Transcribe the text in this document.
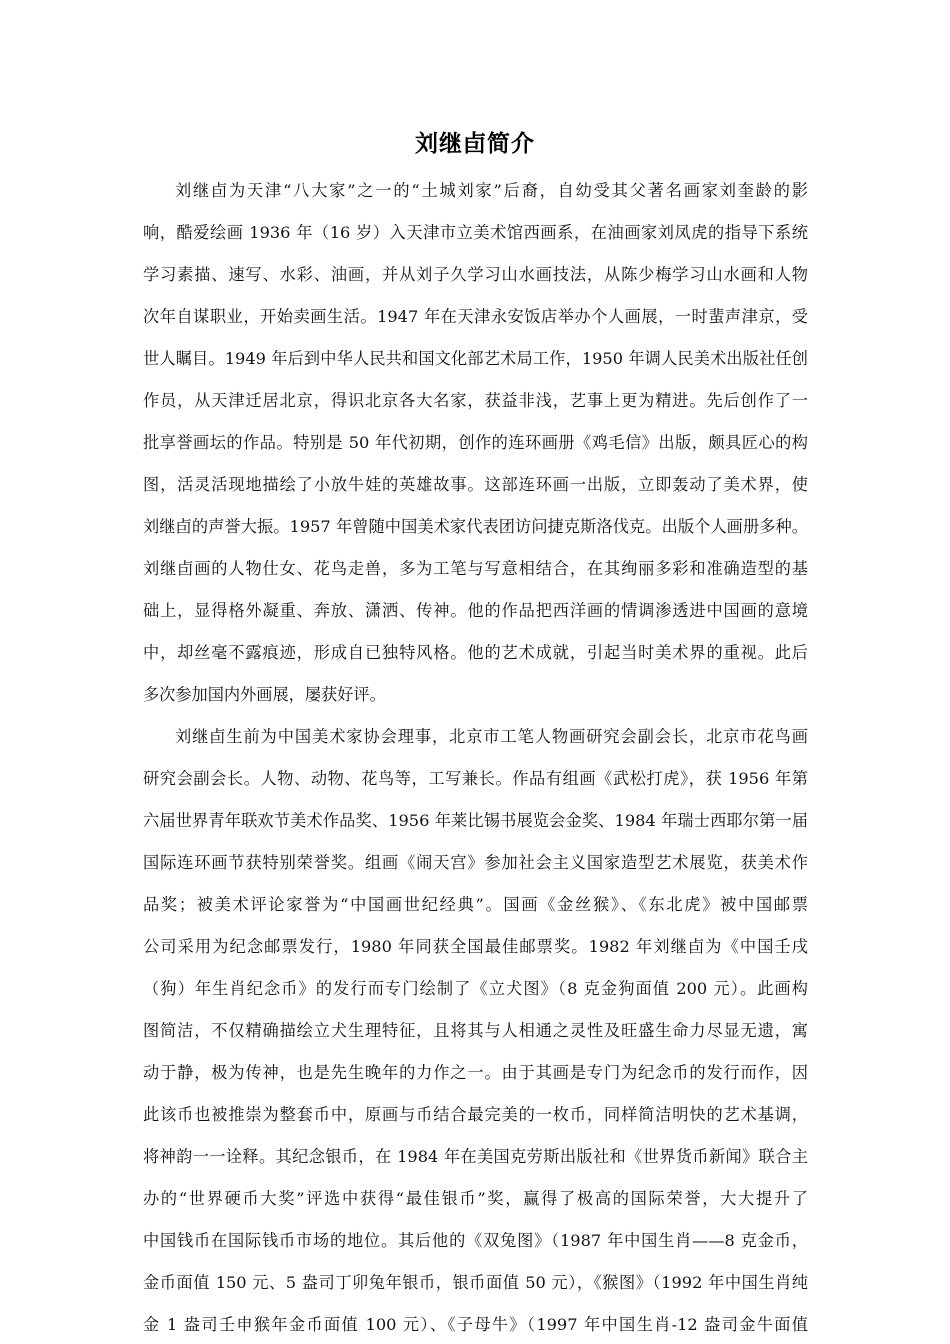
刘继卣简介
刘继卣为天津“八大家”之一的“土城刘家”后裔，自幼受其父著名画家刘奎龄的影
响，酷爱绘画 1936 年（16 岁）入天津市立美术馆西画系，在油画家刘凤虎的指导下系统
学习素描、速写、水彩、油画，并从刘子久学习山水画技法，从陈少梅学习山水画和人物
次年自谋职业，开始卖画生活。1947 年在天津永安饭店举办个人画展，一时蜚声津京，受
世人瞩目。1949 年后到中华人民共和国文化部艺术局工作，1950 年调人民美术出版社任创
作员，从天津迁居北京，得识北京各大名家，获益非浅，艺事上更为精进。先后创作了一
批享誉画坛的作品。特别是 50 年代初期，创作的连环画册《鸡毛信》出版，颇具匠心的构
图，活灵活现地描绘了小放牛娃的英雄故事。这部连环画一出版，立即轰动了美术界，使
刘继卣的声誉大振。1957 年曾随中国美术家代表团访问捷克斯洛伐克。出版个人画册多种。
刘继卣画的人物仕女、花鸟走兽，多为工笔与写意相结合，在其绚丽多彩和准确造型的基
础上，显得格外凝重、奔放、潇洒、传神。他的作品把西洋画的情调渗透进中国画的意境
中，却丝毫不露痕迹，形成自已独特风格。他的艺术成就，引起当时美术界的重视。此后
多次参加国内外画展，屡获好评。
刘继卣生前为中国美术家协会理事，北京市工笔人物画研究会副会长，北京市花鸟画
研究会副会长。人物、动物、花鸟等，工写兼长。作品有组画《武松打虎》，获 1956 年第
六届世界青年联欢节美术作品奖、1956 年莱比锡书展览会金奖、1984 年瑞士西耶尔第一届
国际连环画节获特别荣誉奖。组画《闹天宫》参加社会主义国家造型艺术展览，获美术作
品奖；被美术评论家誉为“中国画世纪经典”。国画《金丝猴》、《东北虎》被中国邮票
公司采用为纪念邮票发行，1980 年同获全国最佳邮票奖。1982 年刘继卣为《中国壬戌
（狗）年生肖纪念币》的发行而专门绘制了《立犬图》（8 克金狗面值 200 元）。此画构
图简洁，不仅精确描绘立犬生理特征，且将其与人相通之灵性及旺盛生命力尽显无遗，寓
动于静，极为传神，也是先生晚年的力作之一。由于其画是专门为纪念币的发行而作，因
此该币也被推崇为整套币中，原画与币结合最完美的一枚币，同样简洁明快的艺术基调，
将神韵一一诠释。其纪念银币，在 1984 年在美国克劳斯出版社和《世界货币新闻》联合主
办的“世界硬币大奖”评选中获得“最佳银币”奖，赢得了极高的国际荣誉，大大提升了
中国钱币在国际钱币市场的地位。其后他的《双兔图》（1987 年中国生肖——8 克金币，
金币面值 150 元、5 盎司丁卯兔年银币，银币面值 50 元），《猴图》（1992 年中国生肖纯
金 1 盎司壬申猴年金币面值 100 元）、《子母牛》（1997 年中国生肖-12 盎司金牛面值
